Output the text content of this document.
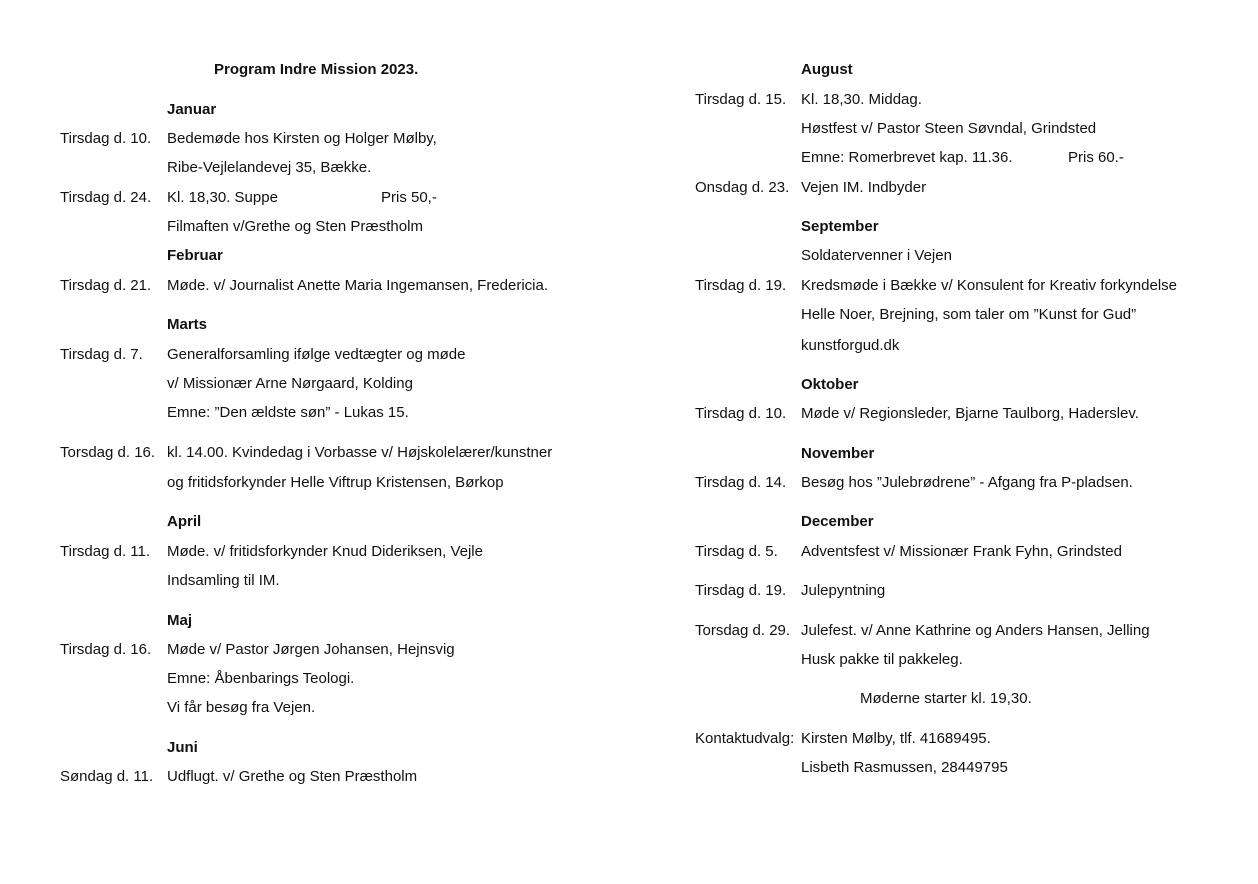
Program Indre Mission 2023.
Januar
Tirsdag d. 10. Bedemøde hos Kirsten og Holger Mølby,
Ribe-Vejlelandevej 35, Bække.
Tirsdag d. 24. Kl. 18,30. Suppe	Pris 50,-
Filmaften v/Grethe og Sten Præstholm
Februar
Tirsdag d. 21. Møde. v/ Journalist Anette Maria Ingemansen, Fredericia.
Marts
Tirsdag d. 7. Generalforsamling ifølge vedtægter og møde
v/ Missionær Arne Nørgaard, Kolding
Emne: ”Den ældste søn” - Lukas 15.
Torsdag d. 16. kl. 14.00. Kvindedag i Vorbasse v/ Højskolelærer/kunstner
og fritidsforkynder Helle Viftrup Kristensen, Børkop
April
Tirsdag d. 11. Møde. v/ fritidsforkynder Knud Dideriksen, Vejle
Indsamling til IM.
Maj
Tirsdag d. 16. Møde v/ Pastor Jørgen Johansen, Hejnsvig
Emne: Åbenbarings Teologi.
Vi får besøg fra Vejen.
Juni
Søndag d. 11. Udflugt. v/ Grethe og Sten Præstholm
August
Tirsdag d. 15. Kl. 18,30. Middag.
Høstfest v/ Pastor Steen Søvndal, Grindsted
Emne: Romerbrevet kap. 11.36.	Pris 60.-
Onsdag d. 23. Vejen IM. Indbyder
September
Soldatervenner i Vejen
Tirsdag d. 19. Kredsmøde i Bække v/ Konsulent for Kreativ forkyndelse
Helle Noer, Brejning, som taler om ”Kunst for Gud”
kunstforgud.dk
Oktober
Tirsdag d. 10. Møde v/ Regionsleder, Bjarne Taulborg, Haderslev.
November
Tirsdag d. 14. Besøg hos ”Julebrødrene” - Afgang fra P-pladsen.
December
Tirsdag d. 5. Adventsfest v/ Missionær Frank Fyhn, Grindsted
Tirsdag d. 19. Julepyntning
Torsdag d. 29. Julefest. v/ Anne Kathrine og Anders Hansen, Jelling
Husk pakke til pakkeleg.
Møderne starter kl. 19,30.
Kontaktudvalg: Kirsten Mølby, tlf. 41689495.
Lisbeth Rasmussen, 28449795
